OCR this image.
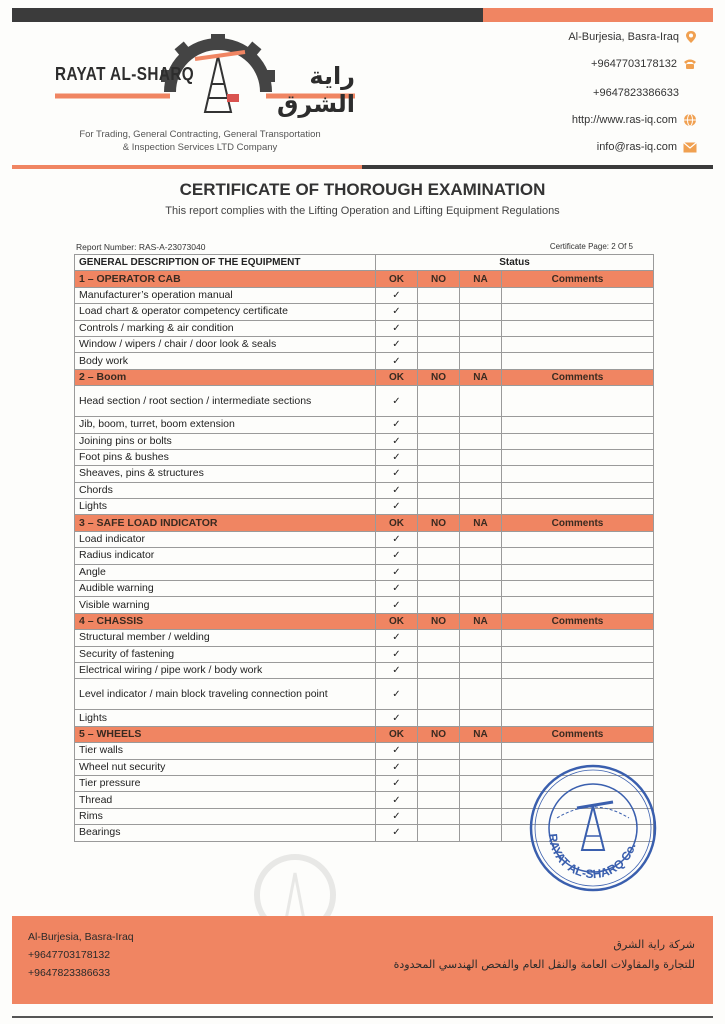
RAYAT AL-SHARQ	راية الشرق
For Trading, General Contracting, General Transportation
& Inspection Services LTD Company
Al-Burjesia, Basra-Iraq
+9647703178132
+9647823386633
http://www.ras-iq.com
info@ras-iq.com
CERTIFICATE OF THOROUGH EXAMINATION
This report complies with the Lifting Operation and Lifting Equipment Regulations
Report Number: RAS-A-23073040	Certificate Page: 2 Of 5
GENERAL DESCRIPTION OF THE EQUIPMENT	Status			
1 – OPERATOR CAB	OK	NO	NA	Comments
Manufacturer’s operation manual	✓			
Load chart & operator competency certificate	✓			
Controls / marking & air condition	✓			
Window / wipers / chair / door look & seals	✓			
Body work	✓			
2 – Boom	OK	NO	NA	Comments
Head section / root section / intermediate sections	✓			
Jib, boom, turret, boom extension	✓			
Joining pins or bolts	✓			
Foot pins & bushes	✓			
Sheaves, pins & structures	✓			
Chords	✓			
Lights	✓			
3 – SAFE LOAD INDICATOR	OK	NO	NA	Comments
Load indicator	✓			
Radius indicator	✓			
Angle	✓			
Audible warning	✓			
Visible warning	✓			
4 – CHASSIS	OK	NO	NA	Comments
Structural member / welding	✓			
Security of fastening	✓			
Electrical wiring / pipe work / body work	✓			
Level indicator / main block traveling connection point	✓			
Lights	✓			
5 – WHEELS	OK	NO	NA	Comments
Tier walls	✓			
Wheel nut security	✓			
Tier pressure	✓			
Thread	✓			
Rims	✓			
Bearings	✓				RAYAT AL-SHARQ Co.
Al-Burjesia, Basra-Iraq
+9647703178132
+9647823386633
شركة راية الشرق
للتجارة والمقاولات العامة والنقل العام والفحص الهندسي المحدودة
